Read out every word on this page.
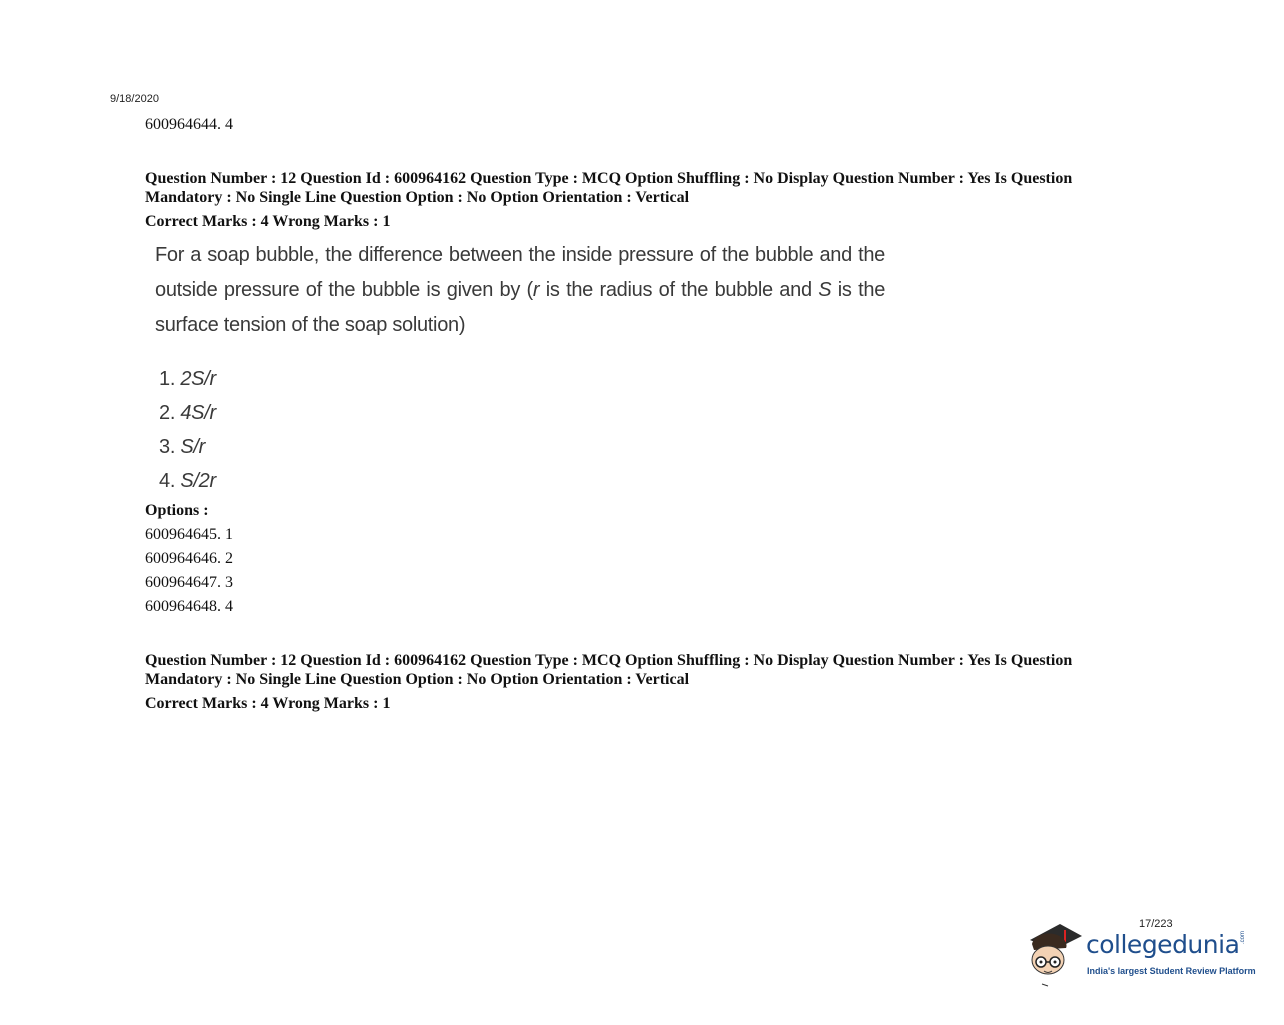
9/18/2020
600964644. 4
Question Number : 12 Question Id : 600964162 Question Type : MCQ Option Shuffling : No Display Question Number : Yes Is Question
Mandatory : No Single Line Question Option : No Option Orientation : Vertical
Correct Marks : 4 Wrong Marks : 1
For a soap bubble, the difference between the inside pressure of the bubble and the outside pressure of the bubble is given by (r is the radius of the bubble and S is the surface tension of the soap solution)
1. 2S/r
2. 4S/r
3. S/r
4. S/2r
Options :
600964645. 1
600964646. 2
600964647. 3
600964648. 4
Question Number : 12 Question Id : 600964162 Question Type : MCQ Option Shuffling : No Display Question Number : Yes Is Question
Mandatory : No Single Line Question Option : No Option Orientation : Vertical
Correct Marks : 4 Wrong Marks : 1
17/223
collegedunia .com
India's largest Student Review Platform
